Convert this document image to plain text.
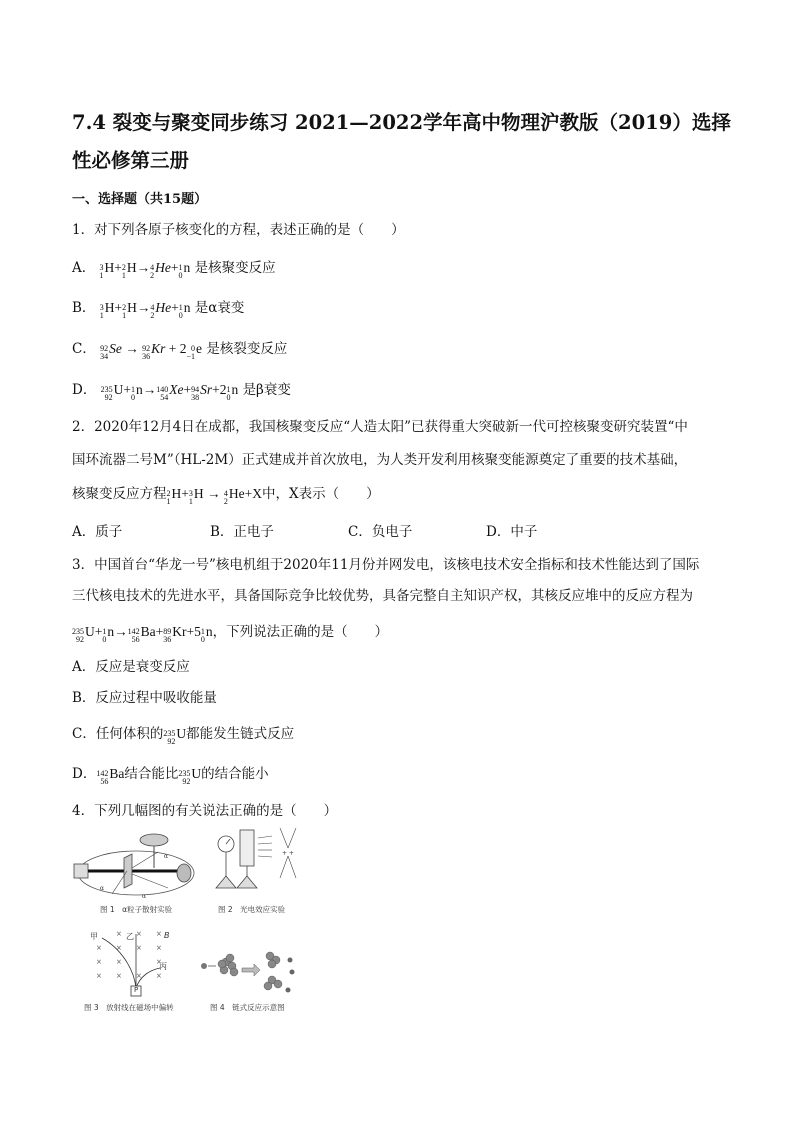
7.4 裂变与聚变同步练习 2021—2022学年高中物理沪教版（2019）选择性必修第三册
一、选择题（共15题）
1．对下列各原子核变化的方程，表述正确的是（　　）
A． 3
1
H+ 2
1
H→ 4
2
He + 1
0
n 是核聚变反应
B． 3
1
H+ 2
1
H→ 4
2
He + 1
0
n 是α衰变
C． 92
34
Se → 92
36
Kr + 2 0
−1
e 是核裂变反应
D． 235
92
U+ 1
0
n→ 140
54
Xe + 94
38
Sr +2 1
0
n 是β衰变
2．2020年12月4日在成都，我国核聚变反应“人造太阳”已获得重大突破新一代可控核聚变研究装置“中
国环流器二号M”（HL-2M）正式建成并首次放电，为人类开发利用核聚变能源奠定了重要的技术基础，
核聚变反应方程 2
1
H+ 3
1
H → 4
2
He+X中，X表示（　　）
A．质子	B．正电子	C．负电子	D．中子
3．中国首台“华龙一号”核电机组于2020年11月份并网发电，该核电技术安全指标和技术性能达到了国际
三代核电技术的先进水平，具备国际竞争比较优势，具备完整自主知识产权，其核反应堆中的反应方程为
235
92
U+ 1
0
n→ 142
56
Ba+ 89
36
Kr+5 1
0
n，下列说法正确的是（　　）
A．反应是衰变反应
B．反应过程中吸收能量
C．任何体积的 235
92
U都能发生链式反应
D． 142
56
Ba结合能比 235
92
U的结合能小
4．下列几幅图的有关说法正确的是（　　）
α
α
α
图 1　α粒子散射实验
+ +
图 2　光电效应实验
× × × ×
× ×	×
× × × ×
×
×
×
甲	乙
丙
B
P
图 3　放射线在磁场中偏转	图 4　链式反应示意图
